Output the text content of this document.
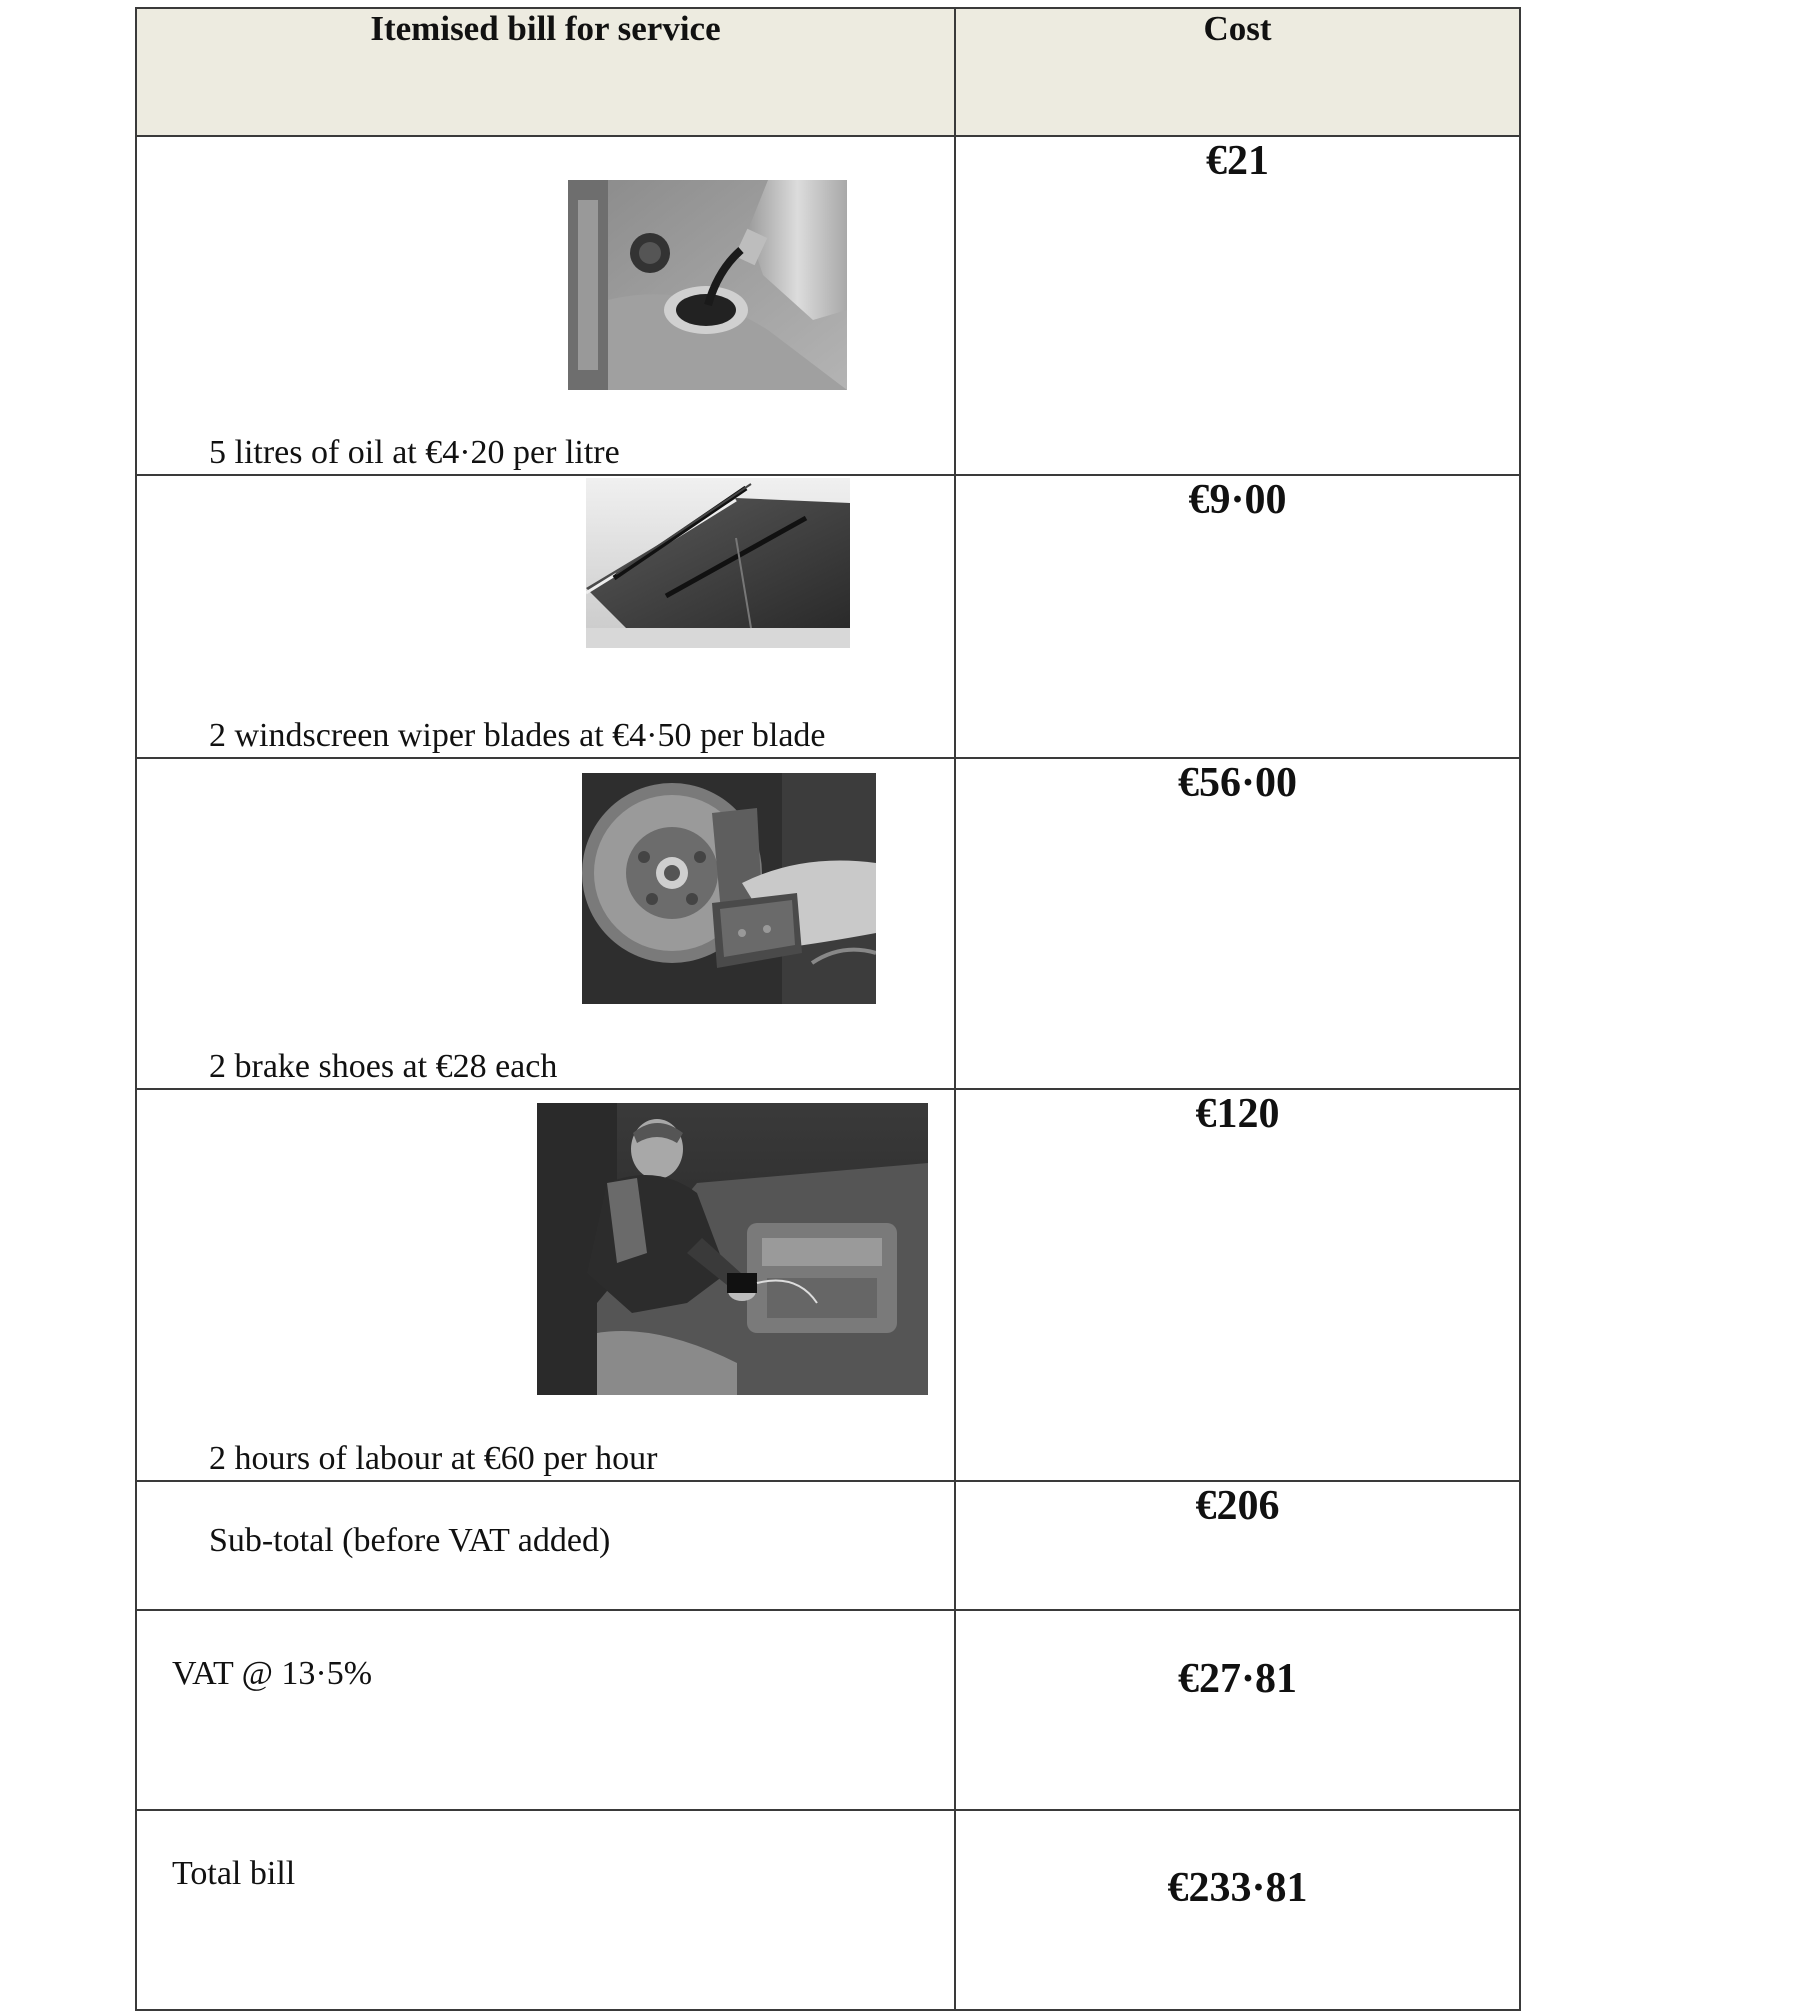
Itemised bill for service	Cost

5 litres of oil at €4·20 per litre	€21

2 windscreen wiper blades at €4·50 per blade	€9·00

2 brake shoes at €28 each	€56·00

2 hours of labour at €60 per hour	€120

Sub-total (before VAT added)	€206

VAT @ 13·5%	€27·81

Total bill	€233·81
